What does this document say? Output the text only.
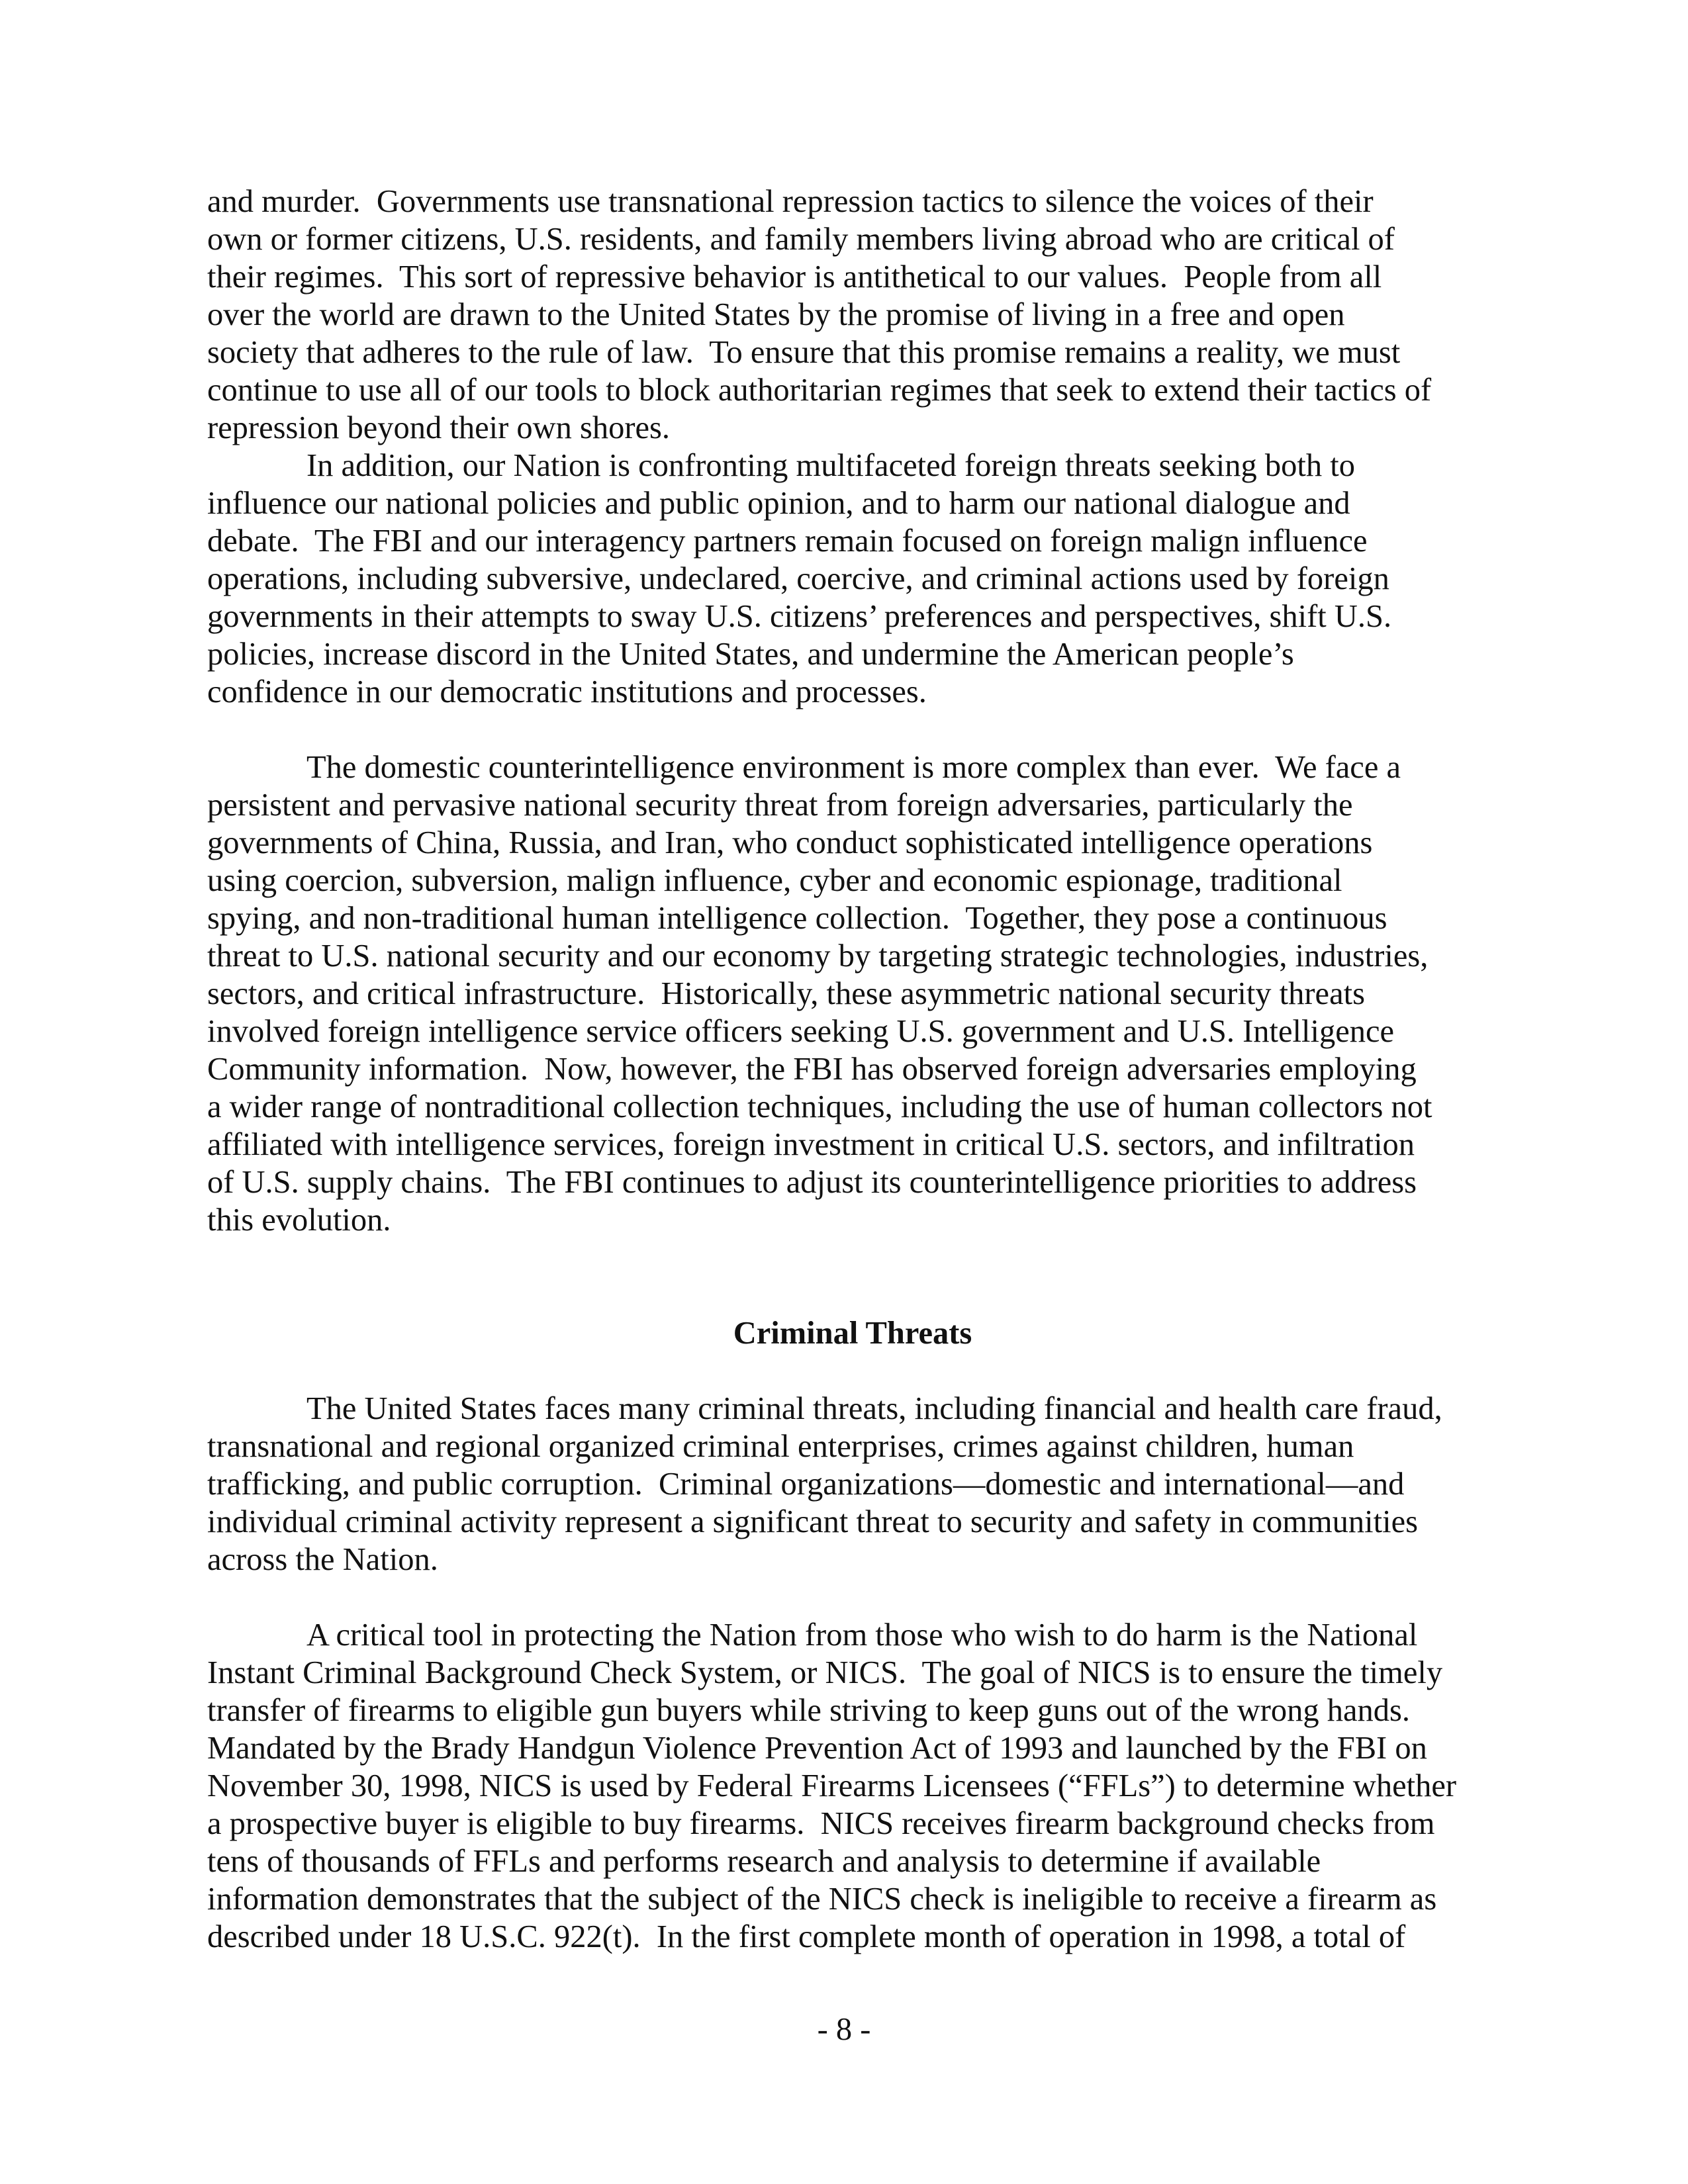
and murder.  Governments use transnational repression tactics to silence the voices of their
own or former citizens, U.S. residents, and family members living abroad who are critical of
their regimes.  This sort of repressive behavior is antithetical to our values.  People from all
over the world are drawn to the United States by the promise of living in a free and open
society that adheres to the rule of law.  To ensure that this promise remains a reality, we must
continue to use all of our tools to block authoritarian regimes that seek to extend their tactics of
repression beyond their own shores.
In addition, our Nation is confronting multifaceted foreign threats seeking both to
influence our national policies and public opinion, and to harm our national dialogue and
debate.  The FBI and our interagency partners remain focused on foreign malign influence
operations, including subversive, undeclared, coercive, and criminal actions used by foreign
governments in their attempts to sway U.S. citizens’ preferences and perspectives, shift U.S.
policies, increase discord in the United States, and undermine the American people’s
confidence in our democratic institutions and processes.
The domestic counterintelligence environment is more complex than ever.  We face a
persistent and pervasive national security threat from foreign adversaries, particularly the
governments of China, Russia, and Iran, who conduct sophisticated intelligence operations
using coercion, subversion, malign influence, cyber and economic espionage, traditional
spying, and non-traditional human intelligence collection.  Together, they pose a continuous
threat to U.S. national security and our economy by targeting strategic technologies, industries,
sectors, and critical infrastructure.  Historically, these asymmetric national security threats
involved foreign intelligence service officers seeking U.S. government and U.S. Intelligence
Community information.  Now, however, the FBI has observed foreign adversaries employing
a wider range of nontraditional collection techniques, including the use of human collectors not
affiliated with intelligence services, foreign investment in critical U.S. sectors, and infiltration
of U.S. supply chains.  The FBI continues to adjust its counterintelligence priorities to address
this evolution.
Criminal Threats
The United States faces many criminal threats, including financial and health care fraud,
transnational and regional organized criminal enterprises, crimes against children, human
trafficking, and public corruption.  Criminal organizations—domestic and international—and
individual criminal activity represent a significant threat to security and safety in communities
across the Nation.
A critical tool in protecting the Nation from those who wish to do harm is the National
Instant Criminal Background Check System, or NICS.  The goal of NICS is to ensure the timely
transfer of firearms to eligible gun buyers while striving to keep guns out of the wrong hands.
Mandated by the Brady Handgun Violence Prevention Act of 1993 and launched by the FBI on
November 30, 1998, NICS is used by Federal Firearms Licensees (“FFLs”) to determine whether
a prospective buyer is eligible to buy firearms.  NICS receives firearm background checks from
tens of thousands of FFLs and performs research and analysis to determine if available
information demonstrates that the subject of the NICS check is ineligible to receive a firearm as
described under 18 U.S.C. 922(t).  In the first complete month of operation in 1998, a total of
- 8 -
